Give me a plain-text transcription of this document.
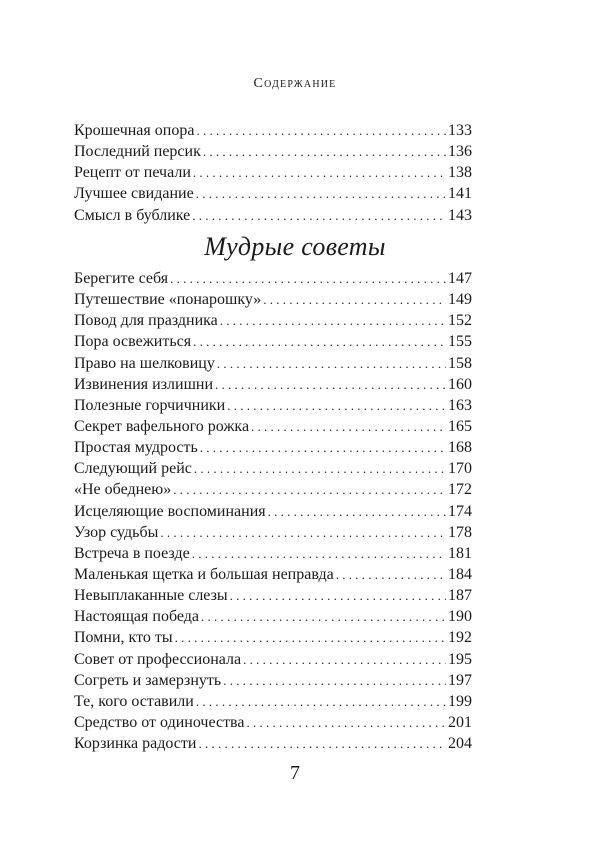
Содержание
Крошечная опора . . .	133
Последний персик . . .	136
Рецепт от печали . . .	138
Лучшее свидание . . .	141
Смысл в бублике . . .	143
Мудрые советы
Берегите себя . . .	147
Путешествие «понарошку» . . .	149
Повод для праздника . . .	152
Пора освежиться . . .	155
Право на шелковицу . . .	158
Извинения излишни . . .	160
Полезные горчичники . . .	163
Секрет вафельного рожка . . .	165
Простая мудрость . . .	168
Следующий рейс . . .	170
«Не обеднею» . . .	172
Исцеляющие воспоминания . . .	174
Узор судьбы . . .	178
Встреча в поезде . . .	181
Маленькая щетка и большая неправда . . .	184
Невыплаканные слезы . . .	187
Настоящая победа . . .	190
Помни, кто ты . . .	192
Совет от профессионала . . .	195
Согреть и замерзнуть . . .	197
Те, кого оставили . . .	199
Средство от одиночества . . .	201
Корзинка радости . . .	204
7
